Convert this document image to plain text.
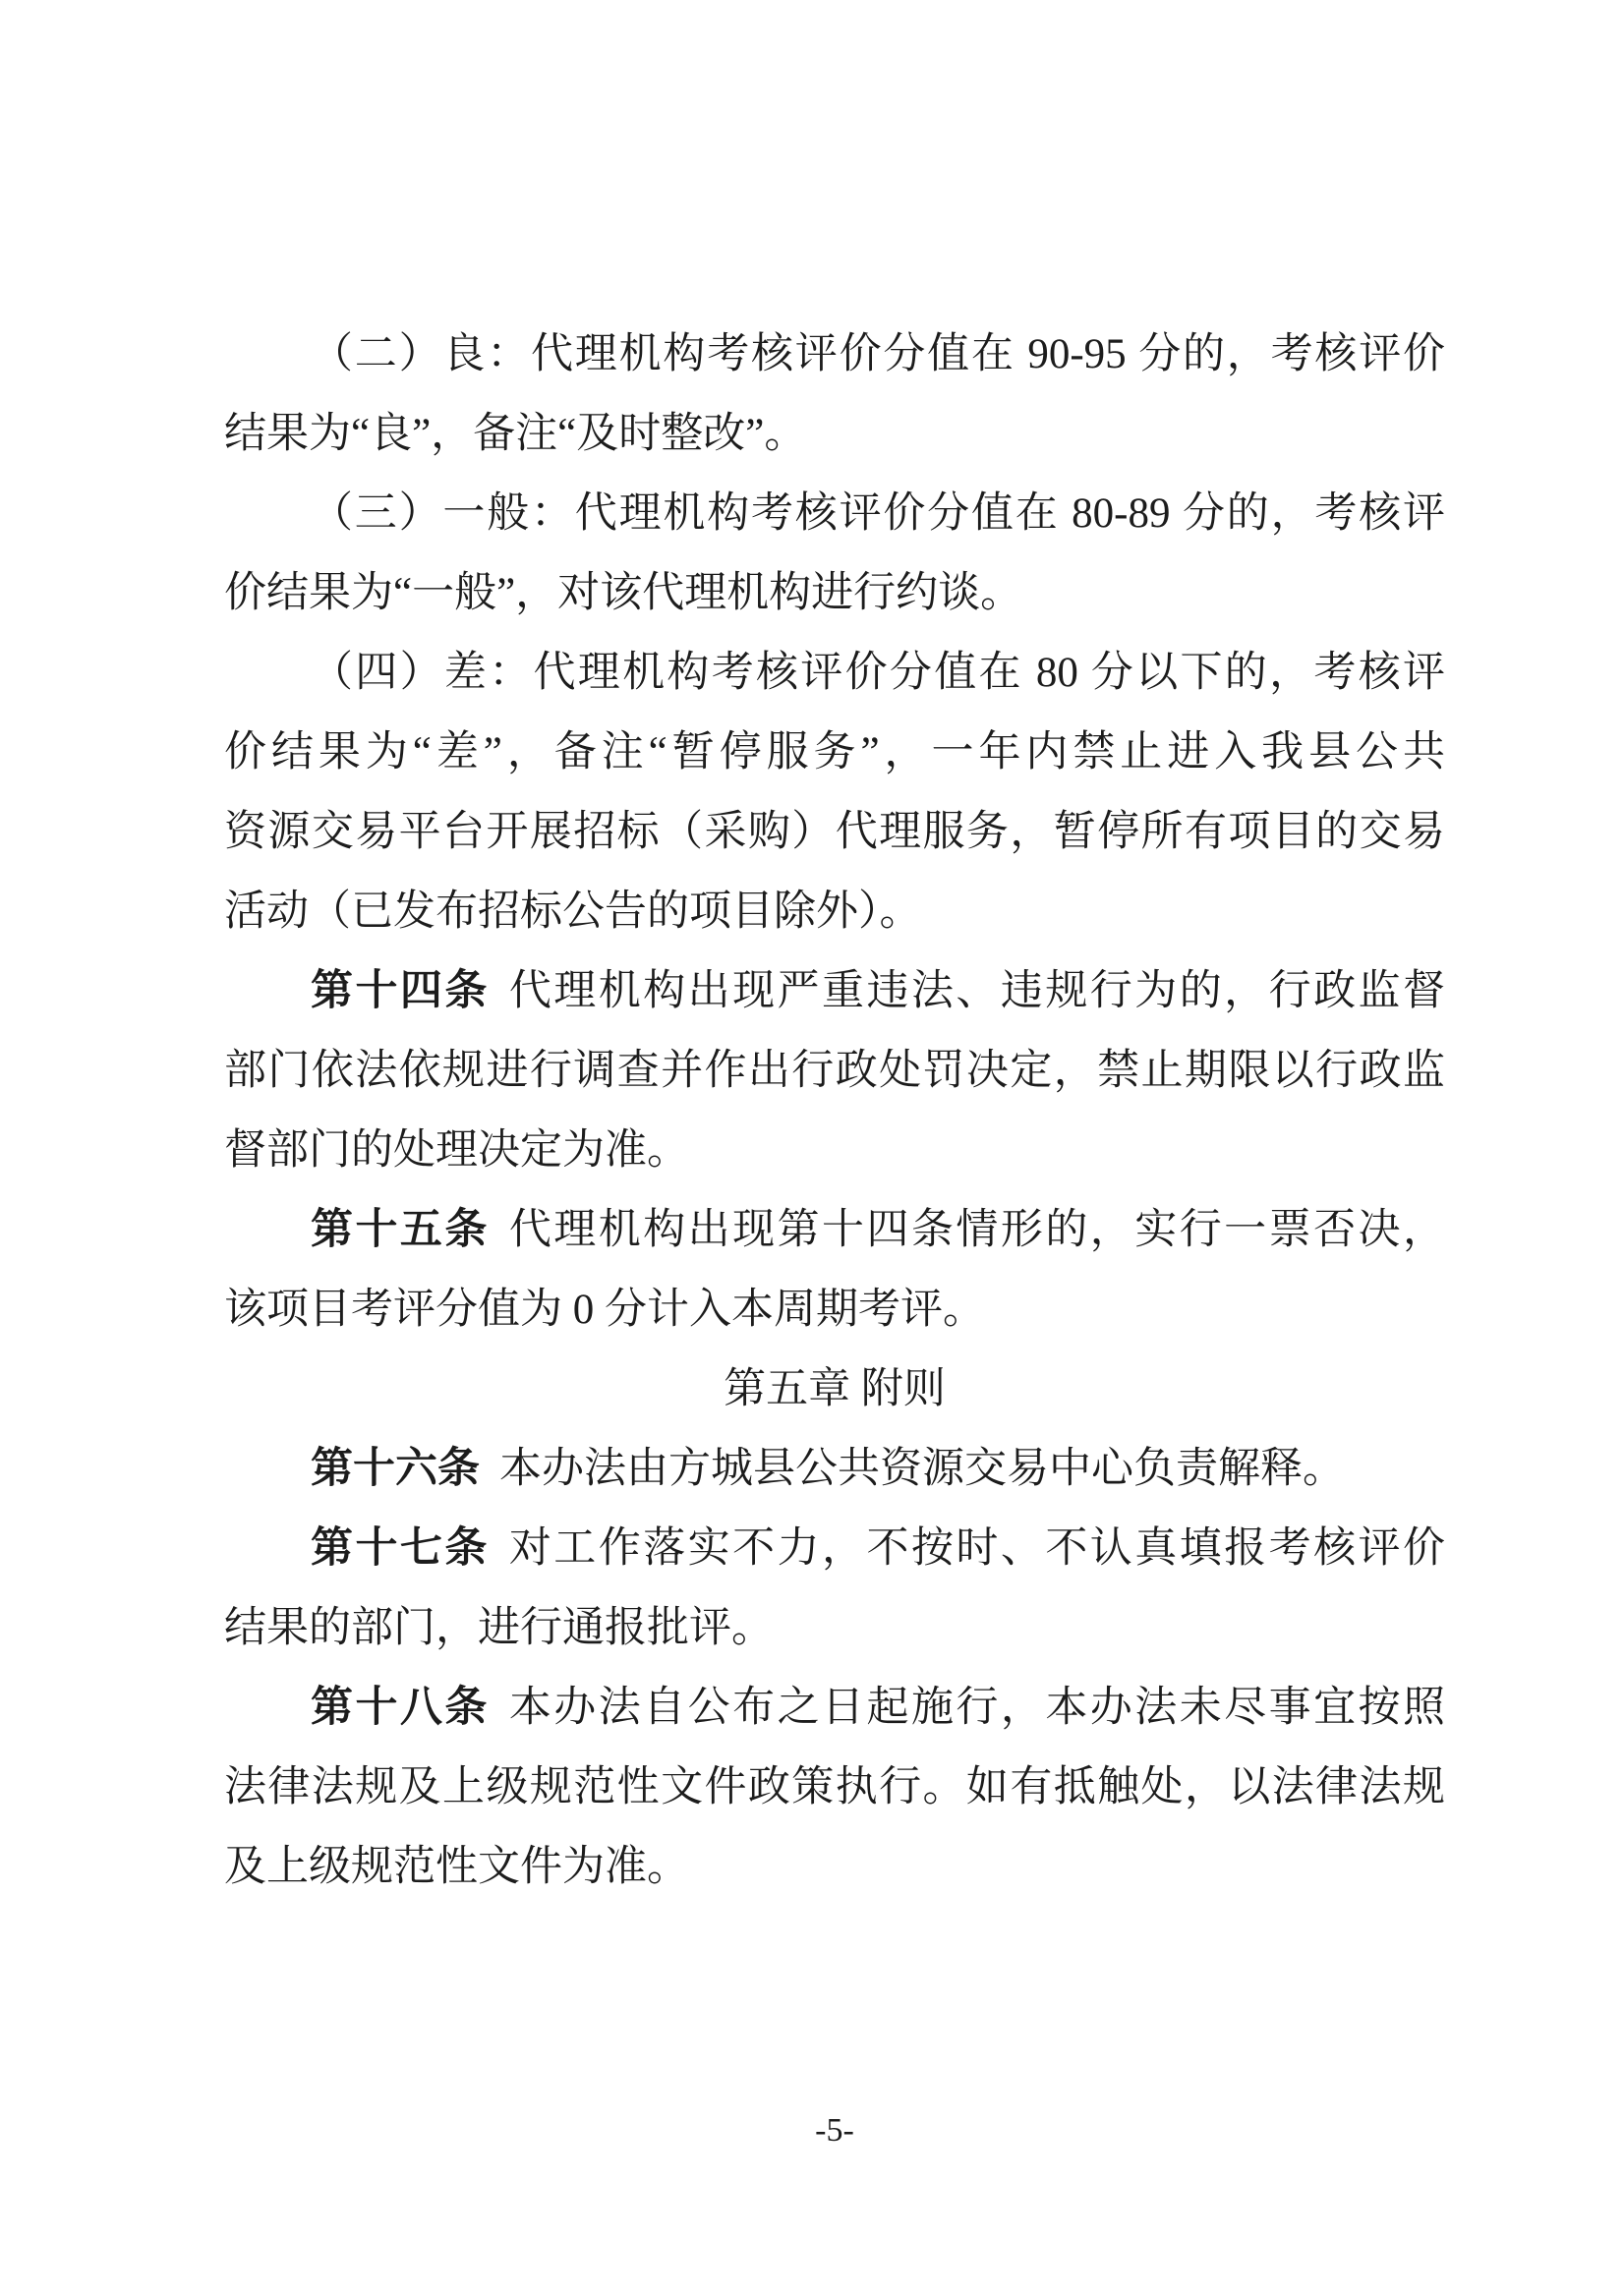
（二）良：代理机构考核评价分值在 90-95 分的，考核评价
结果为“良”，备注“及时整改”。
（三）一般：代理机构考核评价分值在 80-89 分的，考核评
价结果为“一般”，对该代理机构进行约谈。
（四）差：代理机构考核评价分值在 80 分以下的，考核评
价结果为“差”，备注“暂停服务”，一年内禁止进入我县公共
资源交易平台开展招标（采购）代理服务，暂停所有项目的交易
活动（已发布招标公告的项目除外）。
第十四条 代理机构出现严重违法、违规行为的，行政监督
部门依法依规进行调查并作出行政处罚决定，禁止期限以行政监
督部门的处理决定为准。
第十五条 代理机构出现第十四条情形的，实行一票否决，
该项目考评分值为 0 分计入本周期考评。
第五章 附则
第十六条 本办法由方城县公共资源交易中心负责解释。
第十七条 对工作落实不力，不按时、不认真填报考核评价
结果的部门，进行通报批评。
第十八条 本办法自公布之日起施行，本办法未尽事宜按照
法律法规及上级规范性文件政策执行。如有抵触处，以法律法规
及上级规范性文件为准。
-5-
